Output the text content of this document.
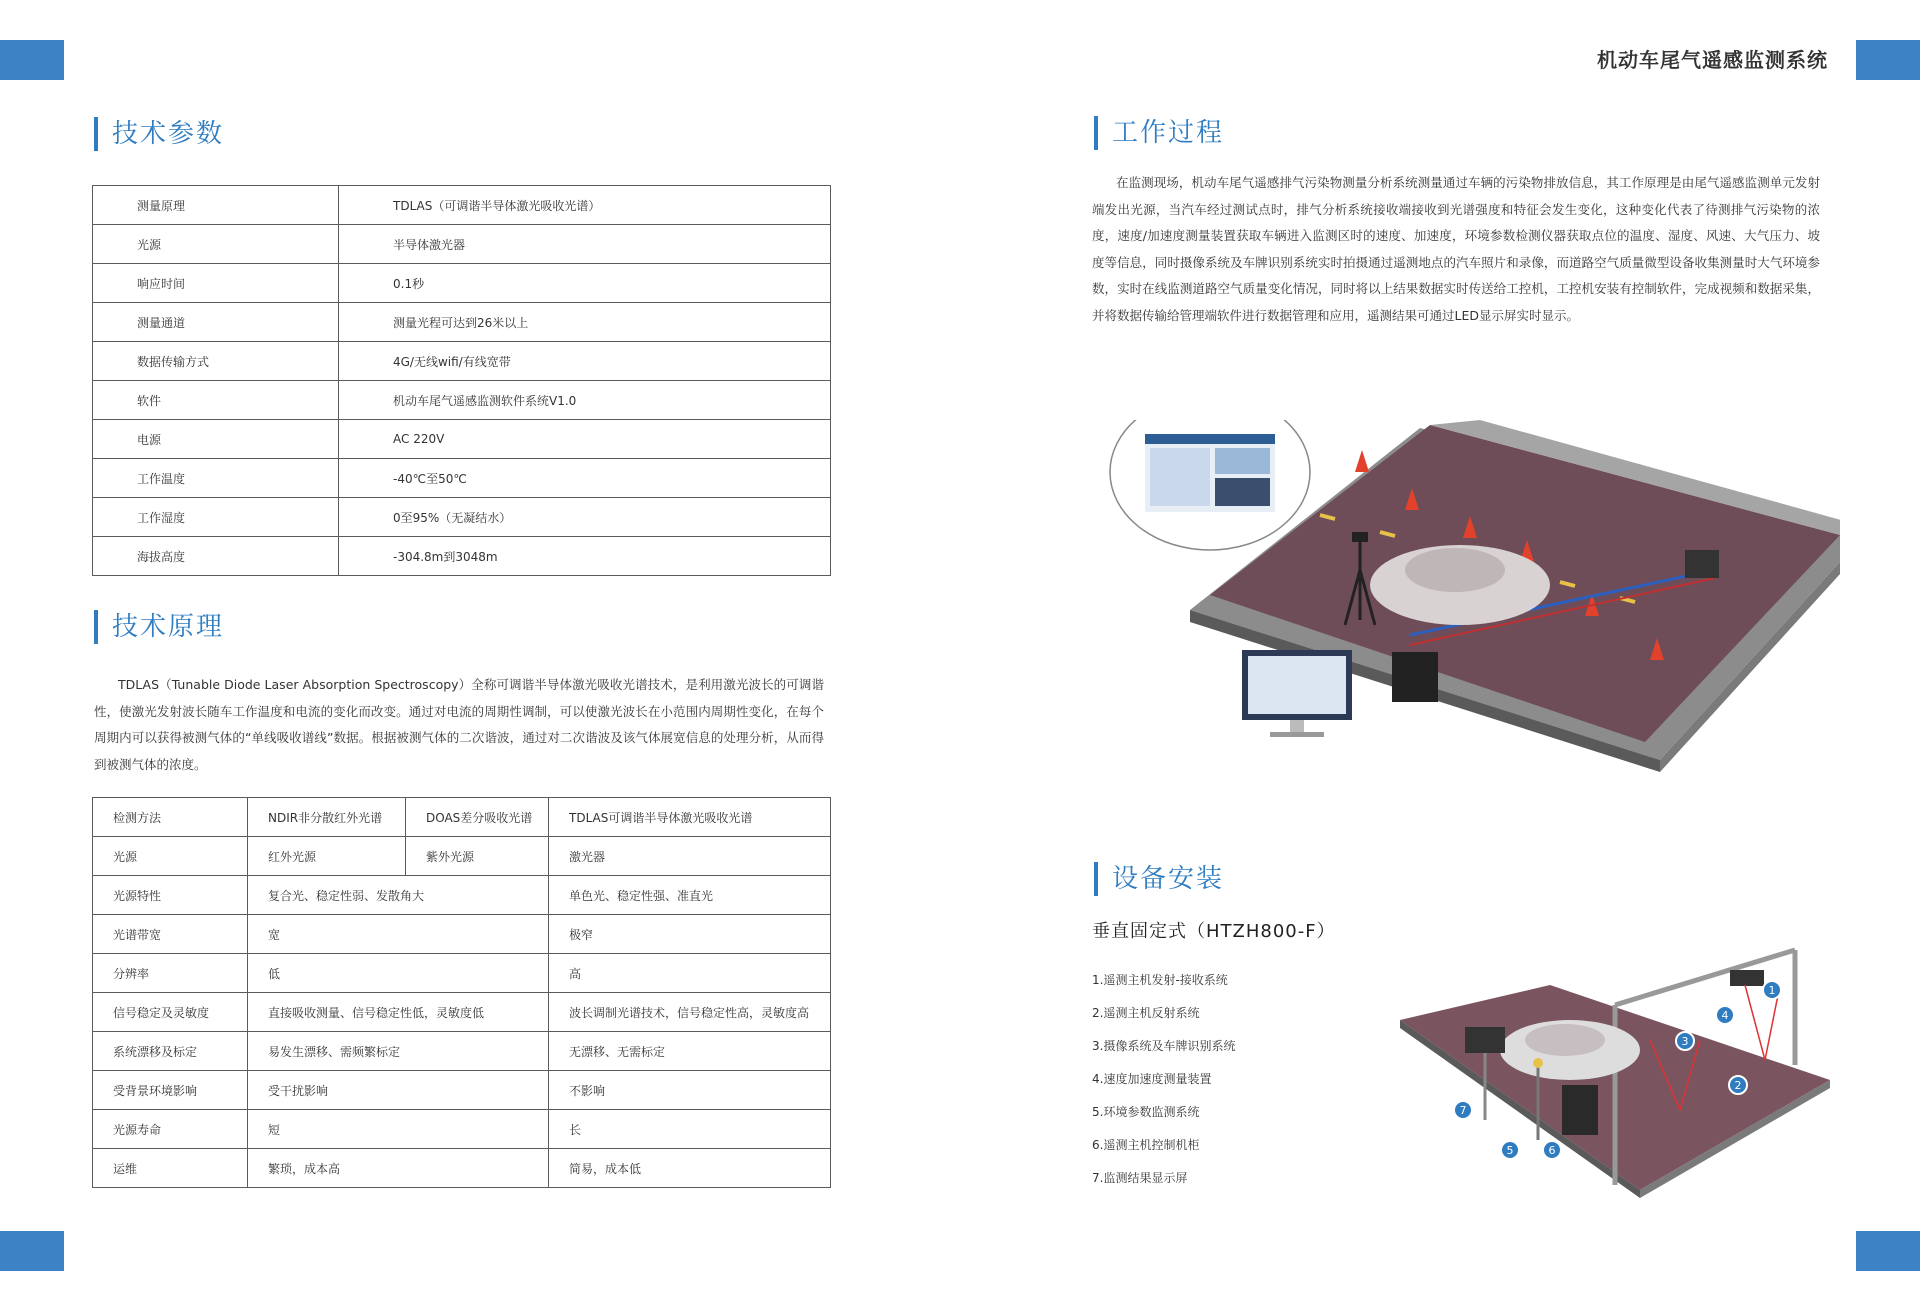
机动车尾气遥感监测系统
技术参数
测量原理	TDLAS（可调谐半导体激光吸收光谱）
光源	半导体激光器
响应时间	0.1秒
测量通道	测量光程可达到26米以上
数据传输方式	4G/无线wifi/有线宽带
软件	机动车尾气遥感监测软件系统V1.0
电源	AC 220V
工作温度	-40℃至50℃
工作湿度	0至95%（无凝结水）
海拔高度	-304.8m到3048m
技术原理

TDLAS（Tunable Diode Laser Absorption Spectroscopy）全称可调谐半导体激光吸收光谱技术，是利用激光波长的可调谐性，使激光发射波长随车工作温度和电流的变化而改变。通过对电流的周期性调制，可以使激光波长在小范围内周期性变化，在每个周期内可以获得被测气体的“单线吸收谱线”数据。根据被测气体的二次谐波，通过对二次谐波及该气体展宽信息的处理分析，从而得到被测气体的浓度。

检测方法	NDIR非分散红外光谱	DOAS差分吸收光谱	TDLAS可调谐半导体激光吸收光谱
光源	红外光源	紫外光源	激光器
光源特性	复合光、稳定性弱、发散角大		单色光、稳定性强、准直光
光谱带宽	宽		极窄
分辨率	低		高
信号稳定及灵敏度	直接吸收测量、信号稳定性低，灵敏度低		波长调制光谱技术，信号稳定性高，灵敏度高
系统漂移及标定	易发生漂移、需频繁标定		无漂移、无需标定
受背景环境影响	受干扰影响		不影响
光源寿命	短		长
运维	繁琐，成本高		简易，成本低
工作过程

在监测现场，机动车尾气遥感排气污染物测量分析系统测量通过车辆的污染物排放信息，其工作原理是由尾气遥感监测单元发射端发出光源，当汽车经过测试点时，排气分析系统接收端接收到光谱强度和特征会发生变化，这种变化代表了待测排气污染物的浓度，速度/加速度测量装置获取车辆进入监测区时的速度、加速度，环境参数检测仪器获取点位的温度、湿度、风速、大气压力、坡度等信息，同时摄像系统及车牌识别系统实时拍摄通过遥测地点的汽车照片和录像，而道路空气质量微型设备收集测量时大气环境参数，实时在线监测道路空气质量变化情况，同时将以上结果数据实时传送给工控机，工控机安装有控制软件，完成视频和数据采集，并将数据传输给管理端软件进行数据管理和应用，遥测结果可通过LED显示屏实时显示。

设备安装
垂直固定式（HTZH800-F）
1.遥测主机发射-接收系统
2.遥测主机反射系统
3.摄像系统及车牌识别系统
4.速度加速度测量装置
5.环境参数监测系统
6.遥测主机控制机柜
7.监测结果显示屏
1
2
3
4
5	6
7
